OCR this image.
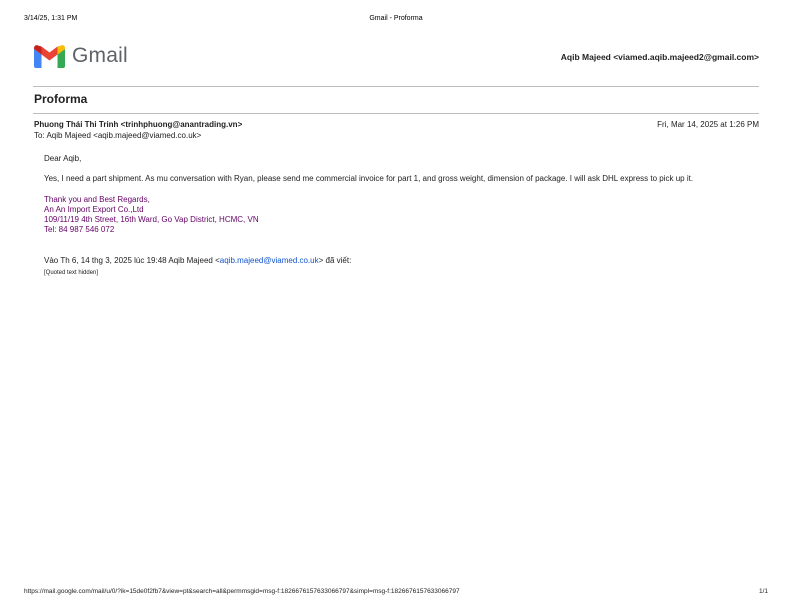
3/14/25, 1:31 PM	Gmail - Proforma
Gmail	Aqib Majeed <viamed.aqib.majeed2@gmail.com>
Proforma
Phuong Thái Thi Trinh <trinhphuong@anantrading.vn>	Fri, Mar 14, 2025 at 1:26 PM
To: Aqib Majeed <aqib.majeed@viamed.co.uk>

Dear Aqib,

Yes, I need a part shipment. As mu conversation with Ryan, please send me commercial invoice for part 1, and gross weight, dimension of package. I will ask DHL express to pick up it.

Thank you and Best Regards,
An An Import Export Co.,Ltd
109/11/19 4th Street, 16th Ward, Go Vap District, HCMC, VN
Tel: 84 987 546 072
Vào Th 6, 14 thg 3, 2025 lúc 19:48 Aqib Majeed <aqib.majeed@viamed.co.uk> đã viết:
[Quoted text hidden]
https://mail.google.com/mail/u/0/?ik=15de0f2fb7&view=pt&search=all&permmsgid=msg-f:1826676157633066797&simpl=msg-f:1826676157633066797	1/1
